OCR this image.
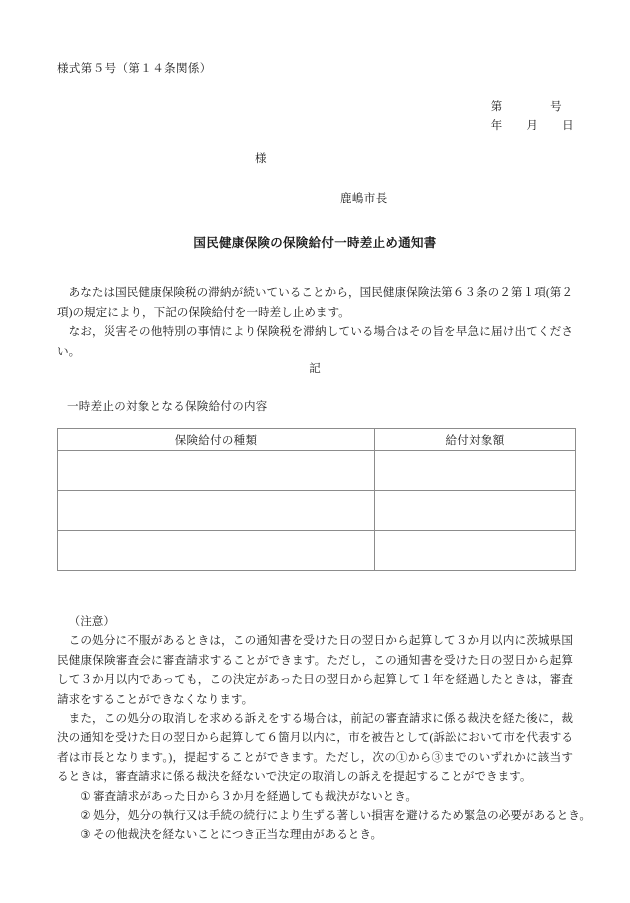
様式第５号（第１４条関係）
第　　　　号
年　　月　　日
様
鹿嶋市長
国民健康保険の保険給付一時差止め通知書

あなたは国民健康保険税の滞納が続いていることから，国民健康保険法第６３条の２第１項(第２項)の規定により，下記の保険給付を一時差し止めます。

なお，災害その他特別の事情により保険税を滞納している場合はその旨を早急に届け出てください。

記
一時差止の対象となる保険給付の内容
保険給付の種類	給付対象額

（注意）

この処分に不服があるときは，この通知書を受けた日の翌日から起算して３か月以内に茨城県国民健康保険審査会に審査請求することができます。ただし，この通知書を受けた日の翌日から起算して３か月以内であっても，この決定があった日の翌日から起算して１年を経過したときは，審査請求をすることができなくなります。

また，この処分の取消しを求める訴えをする場合は，前記の審査請求に係る裁決を経た後に，裁決の通知を受けた日の翌日から起算して６箇月以内に，市を被告として(訴訟において市を代表する者は市長となります。)，提起することができます。ただし，次の①から③までのいずれかに該当するときは，審査請求に係る裁決を経ないで決定の取消しの訴えを提起することができます。

① 審査請求があった日から３か月を経過しても裁決がないとき。
② 処分，処分の執行又は手続の続行により生ずる著しい損害を避けるため緊急の必要があるとき。
③ その他裁決を経ないことにつき正当な理由があるとき。
